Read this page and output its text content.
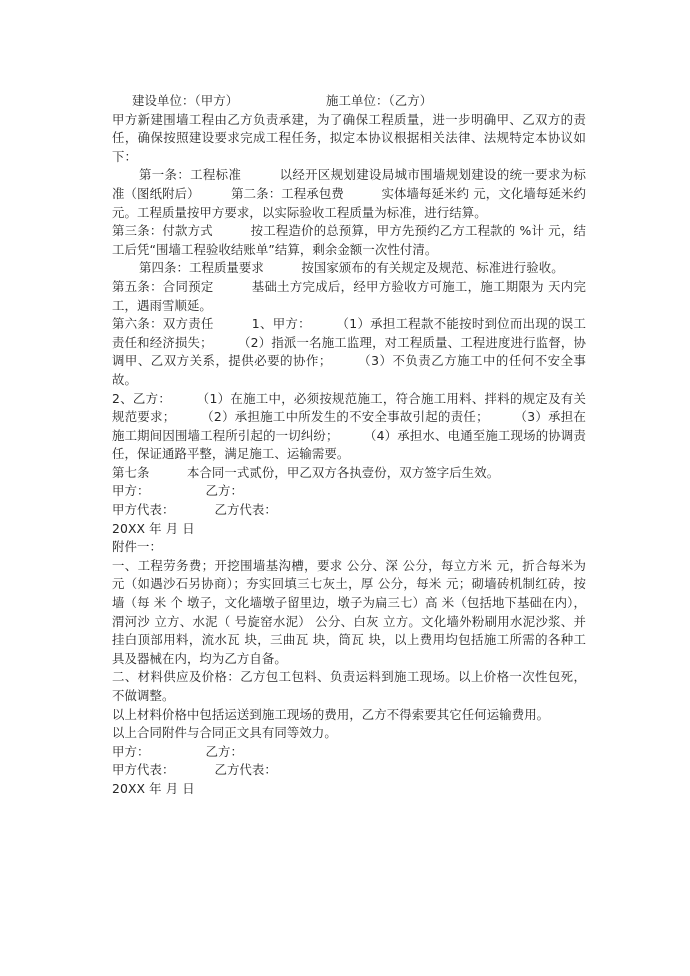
建设单位：（甲方）	施工单位：（乙方）

甲方新建围墙工程由乙方负责承建，为了确保工程质量，进一步明确甲、乙双方的责任，确保按照建设要求完成工程任务，拟定本协议根据相关法律、法规特定本协议如下：

第一条：工程标准　　　以经开区规划建设局城市围墙规划建设的统一要求为标准（图纸附后）　　　第二条：工程承包费　　　实体墙每延米约 元，文化墙每延米约 元。工程质量按甲方要求，以实际验收工程质量为标准，进行结算。

第三条：付款方式　　　按工程造价的总预算，甲方先预约乙方工程款的 %计 元，结工后凭“围墙工程验收结账单”结算，剩余金额一次性付清。

第四条：工程质量要求　　　按国家颁布的有关规定及规范、标准进行验收。

第五条：合同预定　　　基础土方完成后，经甲方验收方可施工，施工期限为 天内完工，遇雨雪顺延。

第六条：双方责任　　　1、甲方：　　　（1）承担工程款不能按时到位而出现的误工责任和经济损失；　　　（2）指派一名施工监理，对工程质量、工程进度进行监督，协调甲、乙双方关系，提供必要的协作；　　　（3）不负责乙方施工中的任何不安全事故。

2、乙方：　　　（1）在施工中，必须按规范施工，符合施工用料、拌料的规定及有关规范要求；　　　（2）承担施工中所发生的不安全事故引起的责任；　　　（3）承担在施工期间因围墙工程所引起的一切纠纷；　　　（4）承担水、电通至施工现场的协调责任，保证通路平整，满足施工、运输需要。

第七条　　　本合同一式贰份，甲乙双方各执壹份，双方签字后生效。

甲方：	乙方：

甲方代表：	乙方代表：

20XX 年 月 日

附件一：

一、工程劳务费；开挖围墙基沟槽，要求 公分、深 公分，每立方米 元，折合每米为 元（如遇沙石另协商）；夯实回填三七灰土，厚 公分，每米 元；砌墙砖机制红砖，按 墙（每 米 个 墩子，文化墙墩子留里边，墩子为扁三七）高 米（包括地下基础在内），渭河沙 立方、水泥（ 号旋窑水泥） 公分、白灰 立方。文化墙外粉刷用水泥沙浆、并挂白顶部用料，流水瓦 块，三曲瓦 块，筒瓦 块，以上费用均包括施工所需的各种工具及器械在内，均为乙方自备。

二、材料供应及价格：乙方包工包料、负责运料到施工现场。以上价格一次性包死，不做调整。

以上材料价格中包括运送到施工现场的费用，乙方不得索要其它任何运输费用。

以上合同附件与合同正文具有同等效力。

甲方：	乙方：

甲方代表：	乙方代表：

20XX 年 月 日
